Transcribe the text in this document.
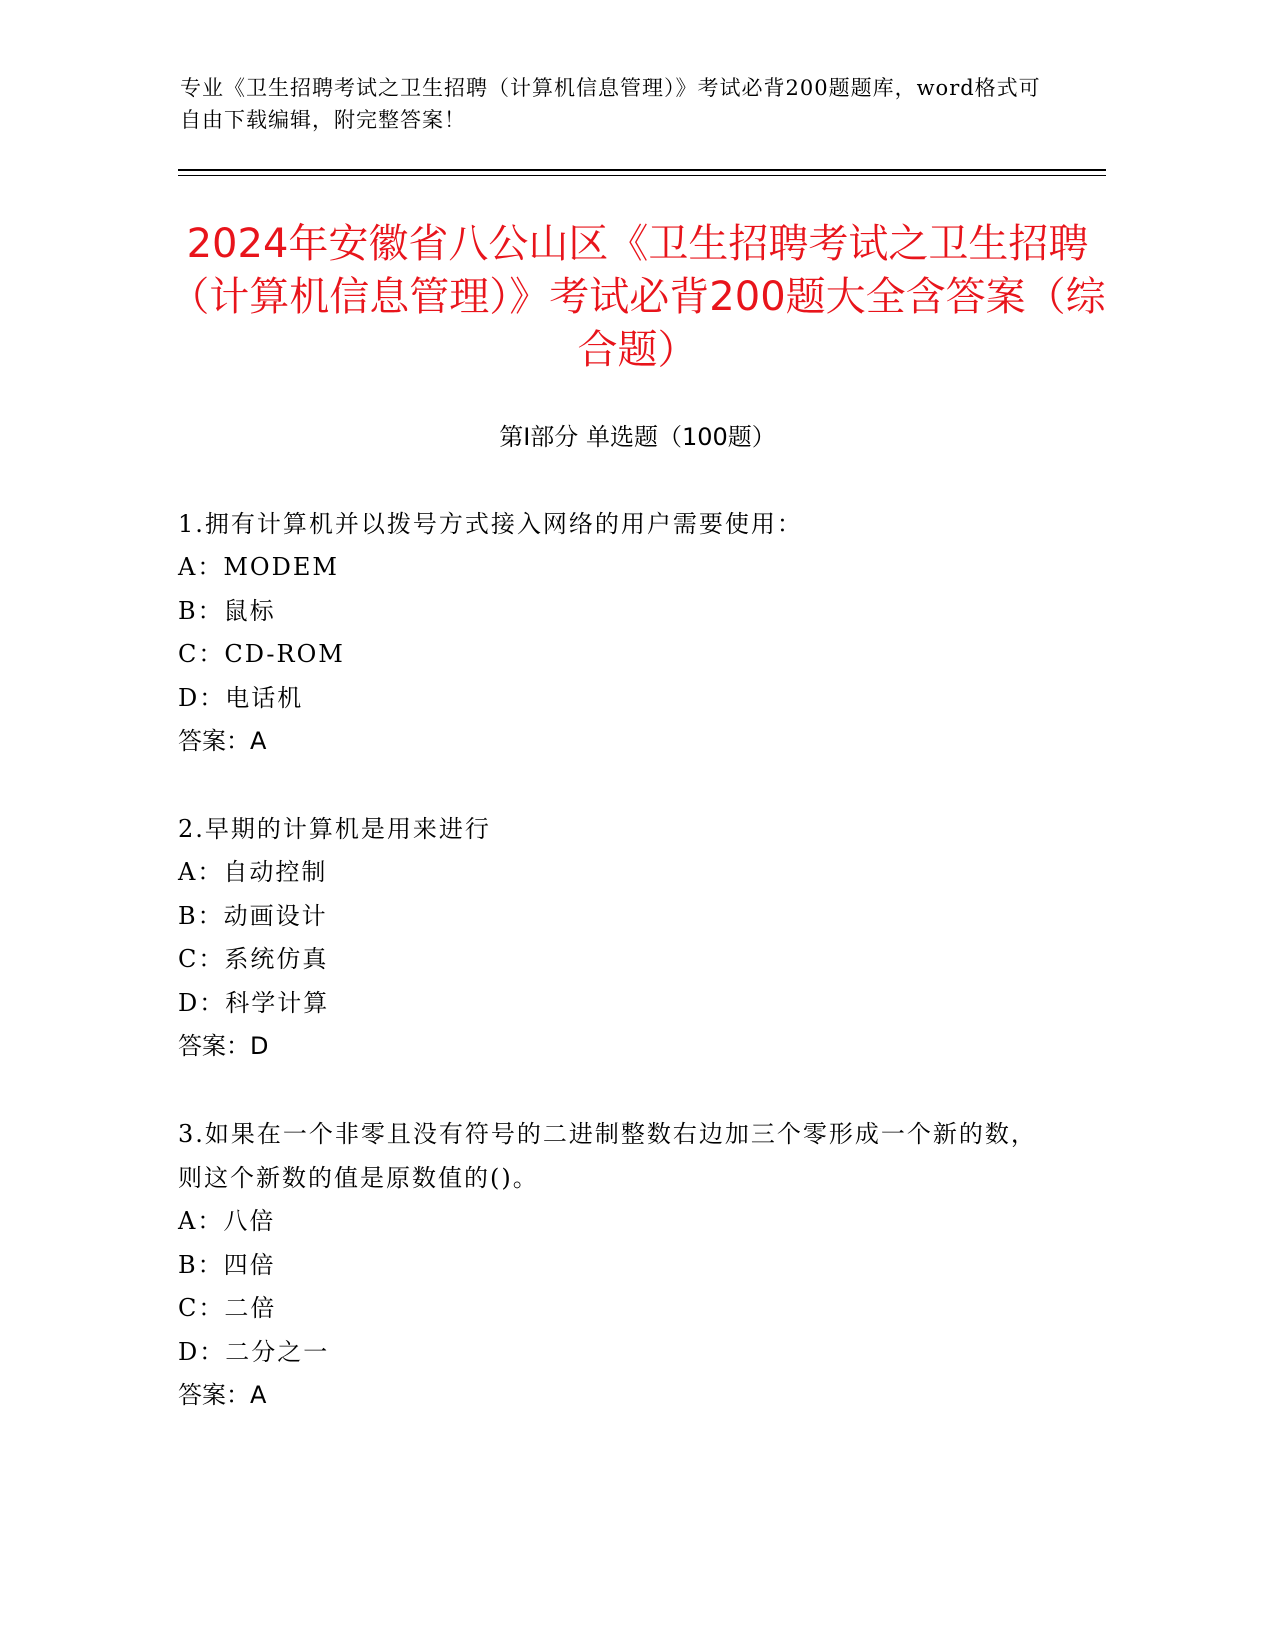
专业《卫生招聘考试之卫生招聘（计算机信息管理）》考试必背200题题库，word格式可自由下载编辑，附完整答案！
2024年安徽省八公山区《卫生招聘考试之卫生招聘（计算机信息管理）》考试必背200题大全含答案（综合题）
第Ⅰ部分 单选题（100题）
1.拥有计算机并以拨号方式接入网络的用户需要使用：
A：MODEM
B：鼠标
C：CD-ROM
D：电话机
答案：A
2.早期的计算机是用来进行
A：自动控制
B：动画设计
C：系统仿真
D：科学计算
答案：D
3.如果在一个非零且没有符号的二进制整数右边加三个零形成一个新的数，则这个新数的值是原数值的()。
A：八倍
B：四倍
C：二倍
D：二分之一
答案：A
